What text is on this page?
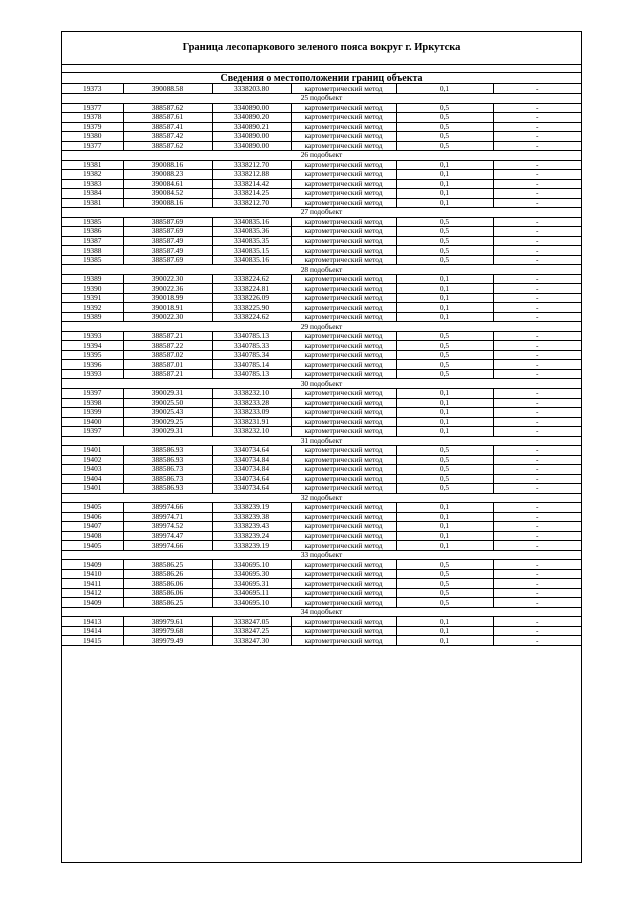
Граница лесопаркового зеленого пояса вокруг г. Иркутска
Сведения о местоположении границ объекта
19373	390088.58	3338203.80	картометрический метод	0,1	-
25 подобъект					
19377	388587.62	3340890.00	картометрический метод	0,5	-
19378	388587.61	3340890.20	картометрический метод	0,5	-
19379	388587.41	3340890.21	картометрический метод	0,5	-
19380	388587.42	3340890.00	картометрический метод	0,5	-
19377	388587.62	3340890.00	картометрический метод	0,5	-
26 подобъект					
19381	390088.16	3338212.70	картометрический метод	0,1	-
19382	390088.23	3338212.88	картометрический метод	0,1	-
19383	390084.61	3338214.42	картометрический метод	0,1	-
19384	390084.52	3338214.25	картометрический метод	0,1	-
19381	390088.16	3338212.70	картометрический метод	0,1	-
27 подобъект					
19385	388587.69	3340835.16	картометрический метод	0,5	-
19386	388587.69	3340835.36	картометрический метод	0,5	-
19387	388587.49	3340835.35	картометрический метод	0,5	-
19388	388587.49	3340835.15	картометрический метод	0,5	-
19385	388587.69	3340835.16	картометрический метод	0,5	-
28 подобъект					
19389	390022.30	3338224.62	картометрический метод	0,1	-
19390	390022.36	3338224.81	картометрический метод	0,1	-
19391	390018.99	3338226.09	картометрический метод	0,1	-
19392	390018.91	3338225.90	картометрический метод	0,1	-
19389	390022.30	3338224.62	картометрический метод	0,1	-
29 подобъект					
19393	388587.21	3340785.13	картометрический метод	0,5	-
19394	388587.22	3340785.33	картометрический метод	0,5	-
19395	388587.02	3340785.34	картометрический метод	0,5	-
19396	388587.01	3340785.14	картометрический метод	0,5	-
19393	388587.21	3340785.13	картометрический метод	0,5	-
30 подобъект					
19397	390029.31	3338232.10	картометрический метод	0,1	-
19398	390025.50	3338233.28	картометрический метод	0,1	-
19399	390025.43	3338233.09	картометрический метод	0,1	-
19400	390029.25	3338231.91	картометрический метод	0,1	-
19397	390029.31	3338232.10	картометрический метод	0,1	-
31 подобъект					
19401	388586.93	3340734.64	картометрический метод	0,5	-
19402	388586.93	3340734.84	картометрический метод	0,5	-
19403	388586.73	3340734.84	картометрический метод	0,5	-
19404	388586.73	3340734.64	картометрический метод	0,5	-
19401	388586.93	3340734.64	картометрический метод	0,5	-
32 подобъект					
19405	389974.66	3338239.19	картометрический метод	0,1	-
19406	389974.71	3338239.38	картометрический метод	0,1	-
19407	389974.52	3338239.43	картометрический метод	0,1	-
19408	389974.47	3338239.24	картометрический метод	0,1	-
19405	389974.66	3338239.19	картометрический метод	0,1	-
33 подобъект					
19409	388586.25	3340695.10	картометрический метод	0,5	-
19410	388586.26	3340695.30	картометрический метод	0,5	-
19411	388586.06	3340695.31	картометрический метод	0,5	-
19412	388586.06	3340695.11	картометрический метод	0,5	-
19409	388586.25	3340695.10	картометрический метод	0,5	-
34 подобъект					
19413	389979.61	3338247.05	картометрический метод	0,1	-
19414	389979.68	3338247.25	картометрический метод	0,1	-
19415	389979.49	3338247.30	картометрический метод	0,1	-
